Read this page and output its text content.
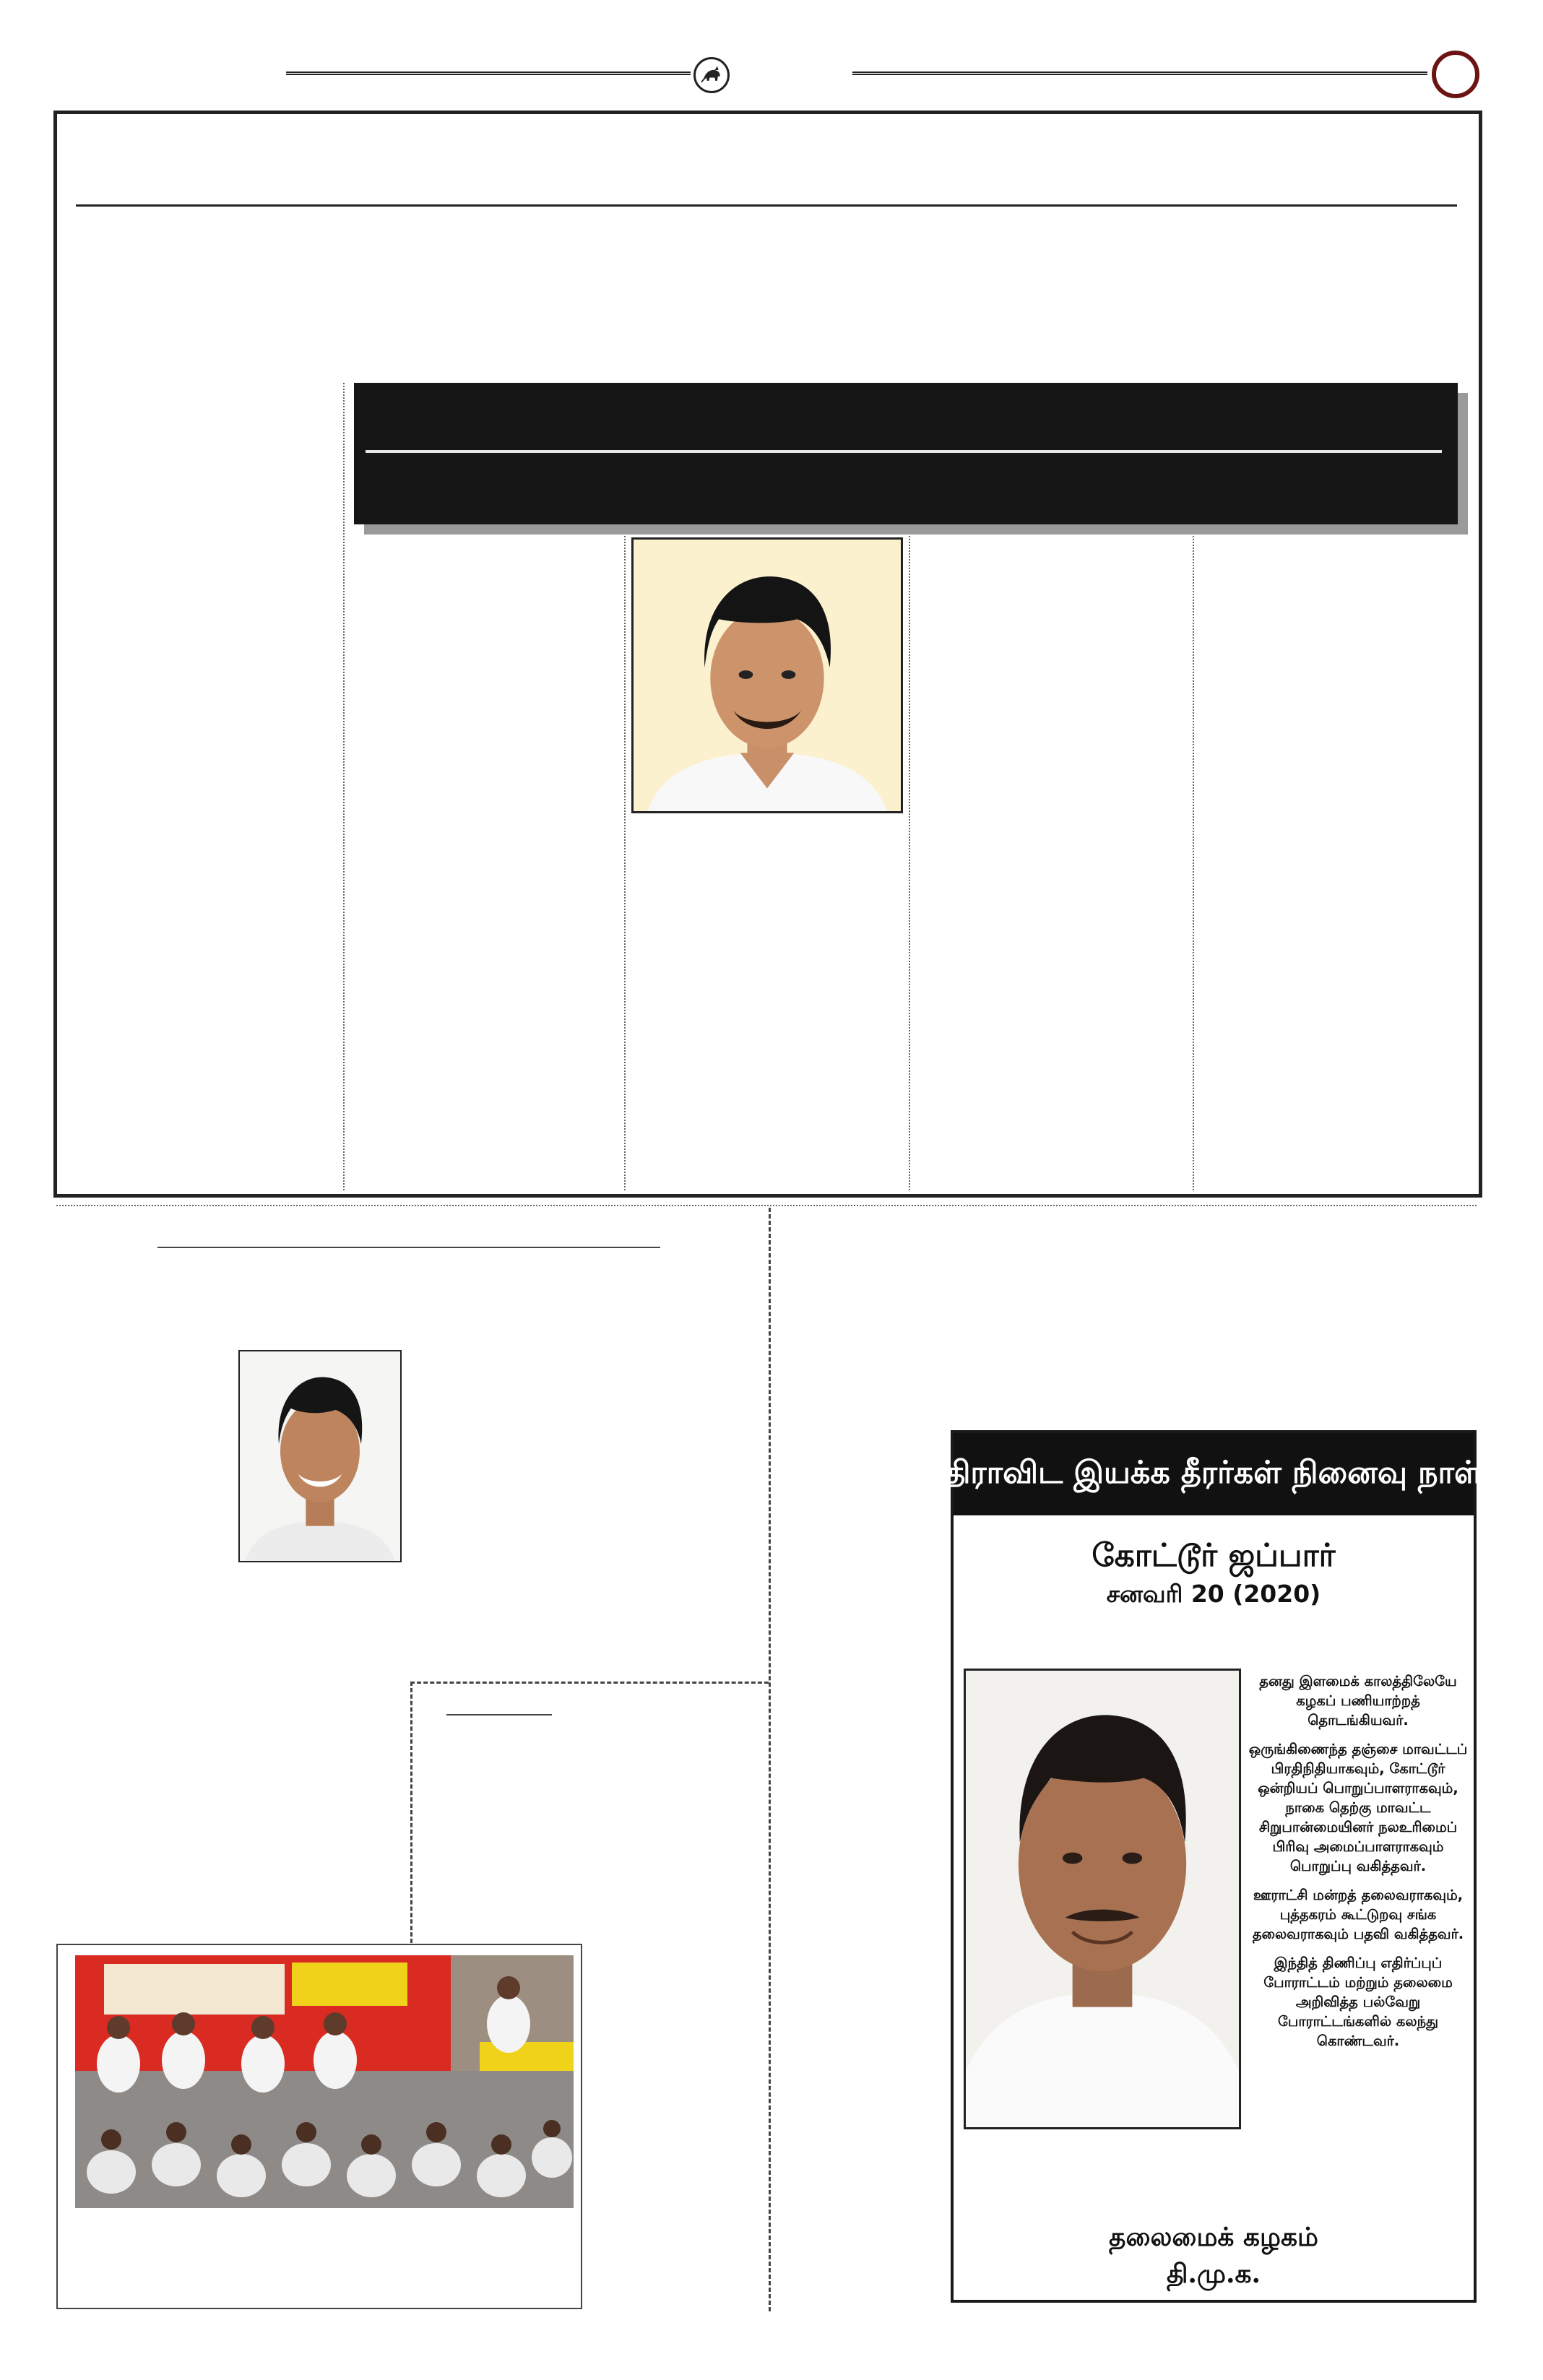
திராவிட இயக்க தீரர்கள் நினைவு நாள்
கோட்டூர் ஜப்பார்
சனவரி 20 (2020)

தனது இளமைக் காலத்திலேயே கழகப் பணியாற்றத் தொடங்கியவர்.

ஒருங்கிணைந்த தஞ்சை மாவட்டப் பிரதிநிதியாகவும், கோட்டூர் ஒன்றியப் பொறுப்பாளராகவும், நாகை தெற்கு மாவட்ட சிறுபான்மையினர் நலஉரிமைப் பிரிவு அமைப்பாளராகவும் பொறுப்பு வகித்தவர்.

ஊராட்சி மன்றத் தலைவராகவும், புத்தகரம் கூட்டுறவு சங்க தலைவராகவும் பதவி வகித்தவர்.

இந்தித் திணிப்பு எதிர்ப்புப் போராட்டம் மற்றும் தலைமை அறிவித்த பல்வேறு போராட்டங்களில் கலந்து கொண்டவர்.

தலைமைக் கழகம்
தி.மு.க.
